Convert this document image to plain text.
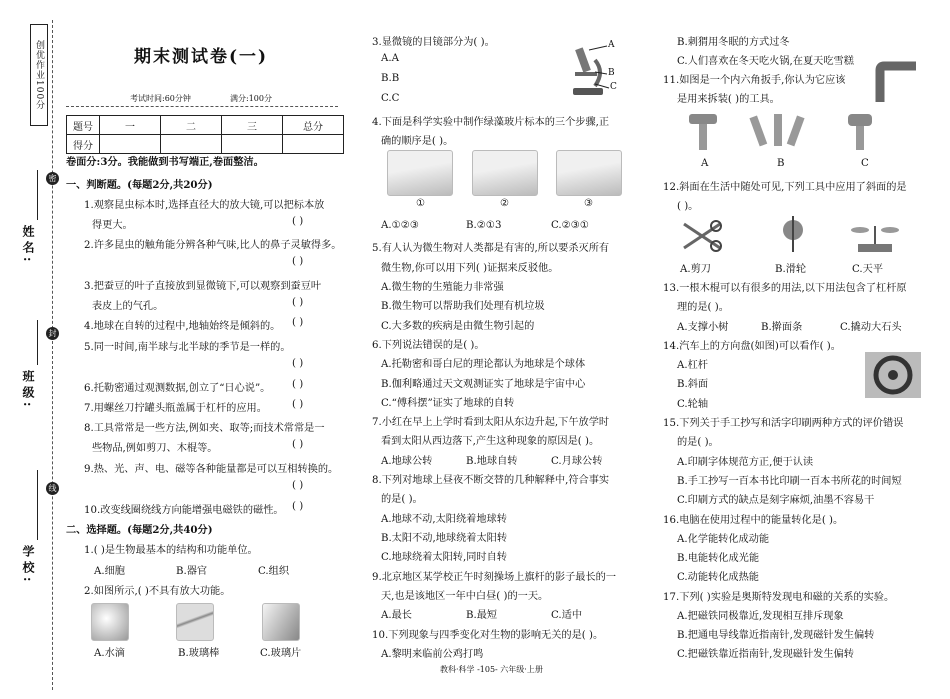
创优作业100分
密
封
线
姓名:
班级:
学校:
期末测试卷(一)
考试时间:60分钟	满分:100分
题号	一	二	三	总分
得分				
卷面分:3分。我能做到书写端正,卷面整洁。
一、判断题。(每题2分,共20分)
1.观察昆虫标本时,选择直径大的放大镜,可以把标本放
得更大。	( )
2.许多昆虫的触角能分辨各种气味,比人的鼻子灵敏得多。
( )
3.把蚕豆的叶子直接放到显微镜下,可以观察到蚕豆叶
表皮上的气孔。	( )
4.地球在自转的过程中,地轴始终是倾斜的。 ( )
5.同一时间,南半球与北半球的季节是一样的。
( )
6.托勒密通过观测数据,创立了“日心说”。 ( )
7.用螺丝刀拧罐头瓶盖属于杠杆的应用。 ( )
8.工具常常是一些方法,例如夹、取等;而技术常常是一
些物品,例如剪刀、木棍等。	( )
9.热、光、声、电、磁等各种能量都是可以互相转换的。
( )
10.改变线圈绕线方向能增强电磁铁的磁性。 ( )
二、选择题。(每题2分,共40分)
1.( )是生物最基本的结构和功能单位。
A.细胞	B.器官	C.组织
2.如图所示,( )不具有放大功能。
A.水滴	B.玻璃棒	C.玻璃片
3.显微镜的目镜部分为( )。
A.A
B.B
C.C
A
B
C
4.下面是科学实验中制作绿藻玻片标本的三个步骤,正
确的顺序是( )。
①	②	③
A.①②③	B.②①3	C.②③①
5.有人认为微生物对人类都是有害的,所以要杀灭所有
微生物,你可以用下列( )证据来反驳他。
A.微生物的生殖能力非常强
B.微生物可以帮助我们处理有机垃圾
C.大多数的疾病是由微生物引起的
6.下列说法错误的是( )。
A.托勒密和哥白尼的理论都认为地球是个球体
B.伽利略通过天文观测证实了地球是宇宙中心
C.“傅科摆”证实了地球的自转
7.小红在早上上学时看到太阳从东边升起,下午放学时
看到太阳从西边落下,产生这种现象的原因是( )。
A.地球公转	B.地球自转	C.月球公转
8.下列对地球上昼夜不断交替的几种解释中,符合事实
的是( )。
A.地球不动,太阳绕着地球转
B.太阳不动,地球绕着太阳转
C.地球绕着太阳转,同时自转
9.北京地区某学校正午时刻操场上旗杆的影子最长的一
天,也是该地区一年中白昼( )的一天。
A.最长	B.最短	C.适中
10.下列现象与四季变化对生物的影响无关的是( )。
A.黎明来临前公鸡打鸣
B.刺猬用冬眠的方式过冬
C.人们喜欢在冬天吃火锅,在夏天吃雪糕
11.如图是一个内六角扳手,你认为它应该
是用来拆装( )的工具。
A	B	C
12.斜面在生活中随处可见,下列工具中应用了斜面的是
( )。
A.剪刀	B.滑轮	C.天平
13.一根木棍可以有很多的用法,以下用法包含了杠杆原
理的是( )。
A.支撑小树	B.擀面条	C.撬动大石头
14.汽车上的方向盘(如图)可以看作( )。
A.杠杆
B.斜面
C.轮轴
15.下列关于手工抄写和活字印刷两种方式的评价错误
的是( )。
A.印刷字体规范方正,便于认读
B.手工抄写一百本书比印刷一百本书所花的时间短
C.印刷方式的缺点是刻字麻烦,油墨不容易干
16.电脑在使用过程中的能量转化是( )。
A.化学能转化成动能
B.电能转化成光能
C.动能转化成热能
17.下列( )实验是奥斯特发现电和磁的关系的实验。
A.把磁铁同极靠近,发现相互排斥现象
B.把通电导线靠近指南针,发现磁针发生偏转
C.把磁铁靠近指南针,发现磁针发生偏转
教科·科学 -105- 六年级·上册
